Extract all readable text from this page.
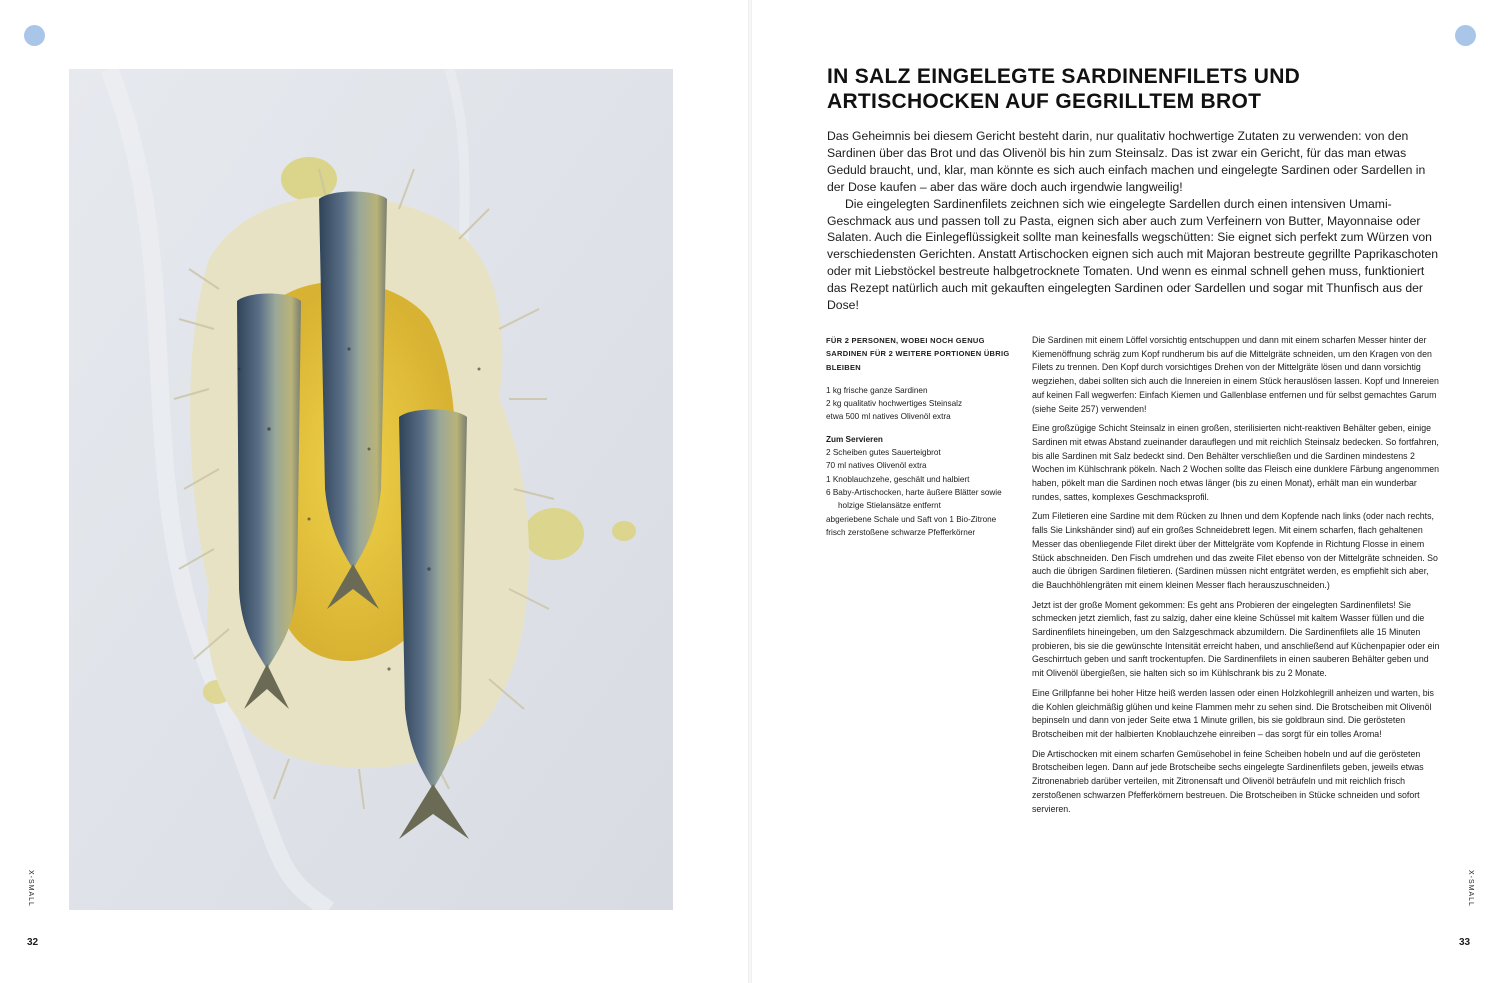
X-SMALL
32
X-SMALL
33
IN SALZ EINGELEGTE SARDINENFILETS UND ARTISCHOCKEN AUF GEGRILLTEM BROT

Das Geheimnis bei diesem Gericht besteht darin, nur qualitativ hochwertige Zutaten zu verwenden: von den Sardinen über das Brot und das Olivenöl bis hin zum Steinsalz. Das ist zwar ein Gericht, für das man etwas Geduld braucht, und, klar, man könnte es sich auch einfach machen und eingelegte Sardinen oder Sardellen in der Dose kaufen – aber das wäre doch auch irgendwie langweilig!

Die eingelegten Sardinenfilets zeichnen sich wie eingelegte Sardellen durch einen intensiven Umami-Geschmack aus und passen toll zu Pasta, eignen sich aber auch zum Verfeinern von Butter, Mayonnaise oder Salaten. Auch die Einlegeflüssigkeit sollte man keinesfalls wegschütten: Sie eignet sich perfekt zum Würzen von verschiedensten Gerichten. Anstatt Artischocken eignen sich auch mit Majoran bestreute gegrillte Paprikaschoten oder mit Liebstöckel bestreute halbgetrocknete Tomaten. Und wenn es einmal schnell gehen muss, funktioniert das Rezept natürlich auch mit gekauften eingelegten Sardinen oder Sardellen und sogar mit Thunfisch aus der Dose!

FÜR 2 PERSONEN, WOBEI NOCH GENUG SARDINEN FÜR 2 WEITERE PORTIONEN ÜBRIG BLEIBEN

1 kg frische ganze Sardinen
2 kg qualitativ hochwertiges Steinsalz
etwa 500 ml natives Olivenöl extra

Zum Servieren

2 Scheiben gutes Sauerteigbrot
70 ml natives Olivenöl extra
1 Knoblauchzehe, geschält und halbiert
6 Baby-Artischocken, harte äußere Blätter sowie holzige Stielansätze entfernt
abgeriebene Schale und Saft von 1 Bio-Zitrone
frisch zerstoßene schwarze Pfefferkörner

Die Sardinen mit einem Löffel vorsichtig entschuppen und dann mit einem scharfen Messer hinter der Kiemenöffnung schräg zum Kopf rundherum bis auf die Mittelgräte schneiden, um den Kragen von den Filets zu trennen. Den Kopf durch vorsichtiges Drehen von der Mittelgräte lösen und dann vorsichtig wegziehen, dabei sollten sich auch die Innereien in einem Stück herauslösen lassen. Kopf und Innereien auf keinen Fall wegwerfen: Einfach Kiemen und Gallenblase entfernen und für selbst gemachtes Garum (siehe Seite 257) verwenden!

Eine großzügige Schicht Steinsalz in einen großen, sterilisierten nicht-reaktiven Behälter geben, einige Sardinen mit etwas Abstand zueinander darauflegen und mit reichlich Steinsalz bedecken. So fortfahren, bis alle Sardinen mit Salz bedeckt sind. Den Behälter verschließen und die Sardinen mindestens 2 Wochen im Kühlschrank pökeln. Nach 2 Wochen sollte das Fleisch eine dunklere Färbung angenommen haben, pökelt man die Sardinen noch etwas länger (bis zu einen Monat), erhält man ein wunderbar rundes, sattes, komplexes Geschmacksprofil.

Zum Filetieren eine Sardine mit dem Rücken zu Ihnen und dem Kopfende nach links (oder nach rechts, falls Sie Linkshänder sind) auf ein großes Schneidebrett legen. Mit einem scharfen, flach gehaltenen Messer das obenliegende Filet direkt über der Mittelgräte vom Kopfende in Richtung Flosse in einem Stück abschneiden. Den Fisch umdrehen und das zweite Filet ebenso von der Mittelgräte schneiden. So auch die übrigen Sardinen filetieren. (Sardinen müssen nicht entgrätet werden, es empfiehlt sich aber, die Bauchhöhlengräten mit einem kleinen Messer flach herauszuschneiden.)

Jetzt ist der große Moment gekommen: Es geht ans Probieren der eingelegten Sardinenfilets! Sie schmecken jetzt ziemlich, fast zu salzig, daher eine kleine Schüssel mit kaltem Wasser füllen und die Sardinenfilets hineingeben, um den Salzgeschmack abzumildern. Die Sardinenfilets alle 15 Minuten probieren, bis sie die gewünschte Intensität erreicht haben, und anschließend auf Küchenpapier oder ein Geschirrtuch geben und sanft trockentupfen. Die Sardinenfilets in einen sauberen Behälter geben und mit Olivenöl übergießen, sie halten sich so im Kühlschrank bis zu 2 Monate.

Eine Grillpfanne bei hoher Hitze heiß werden lassen oder einen Holzkohlegrill anheizen und warten, bis die Kohlen gleichmäßig glühen und keine Flammen mehr zu sehen sind. Die Brotscheiben mit Olivenöl bepinseln und dann von jeder Seite etwa 1 Minute grillen, bis sie goldbraun sind. Die gerösteten Brotscheiben mit der halbierten Knoblauchzehe einreiben – das sorgt für ein tolles Aroma!

Die Artischocken mit einem scharfen Gemüsehobel in feine Scheiben hobeln und auf die gerösteten Brotscheiben legen. Dann auf jede Brotscheibe sechs eingelegte Sardinenfilets geben, jeweils etwas Zitronenabrieb darüber verteilen, mit Zitronensaft und Olivenöl beträufeln und mit reichlich frisch zerstoßenen schwarzen Pfefferkörnern bestreuen. Die Brotscheiben in Stücke schneiden und sofort servieren.
